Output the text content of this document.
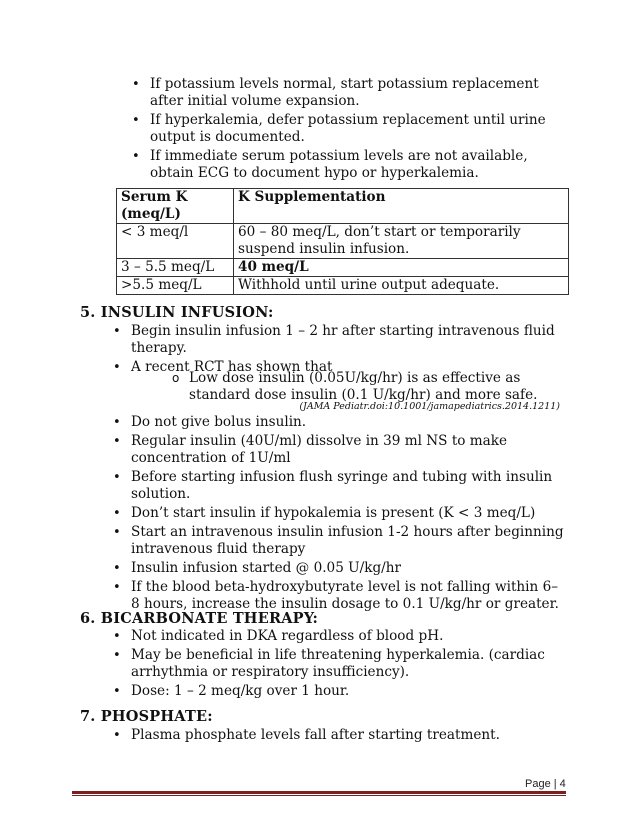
• If potassium levels normal, start potassium replacement after initial volume expansion.
• If hyperkalemia, defer potassium replacement until urine output is documented.
• If immediate serum potassium levels are not available, obtain ECG to document hypo or hyperkalemia.
Serum K (meq/L)	K Supplementation
< 3 meq/l	60 – 80 meq/L, don’t start or temporarily suspend insulin infusion.
3 – 5.5 meq/L	40 meq/L
>5.5 meq/L	Withhold until urine output adequate.
5. INSULIN INFUSION:
• Begin insulin infusion 1 – 2 hr after starting intravenous fluid therapy.
• A recent RCT has shown that
o Low dose insulin (0.05U/kg/hr) is as effective as standard dose insulin (0.1 U/kg/hr) and more safe.
(JAMA Pediatr.doi:10.1001/jamapediatrics.2014.1211)
• Do not give bolus insulin.
• Regular insulin (40U/ml) dissolve in 39 ml NS to make concentration of 1U/ml
• Before starting infusion flush syringe and tubing with insulin solution.
• Don’t start insulin if hypokalemia is present (K < 3 meq/L)
• Start an intravenous insulin infusion 1-2 hours after beginning intravenous fluid therapy
• Insulin infusion started @ 0.05 U/kg/hr
• If the blood beta-hydroxybutyrate level is not falling within 6–8 hours, increase the insulin dosage to 0.1 U/kg/hr or greater.
6. BICARBONATE THERAPY:
• Not indicated in DKA regardless of blood pH.
• May be beneficial in life threatening hyperkalemia. (cardiac arrhythmia or respiratory insufficiency).
• Dose: 1 – 2 meq/kg over 1 hour.
7. PHOSPHATE:
• Plasma phosphate levels fall after starting treatment.
Page | 4
